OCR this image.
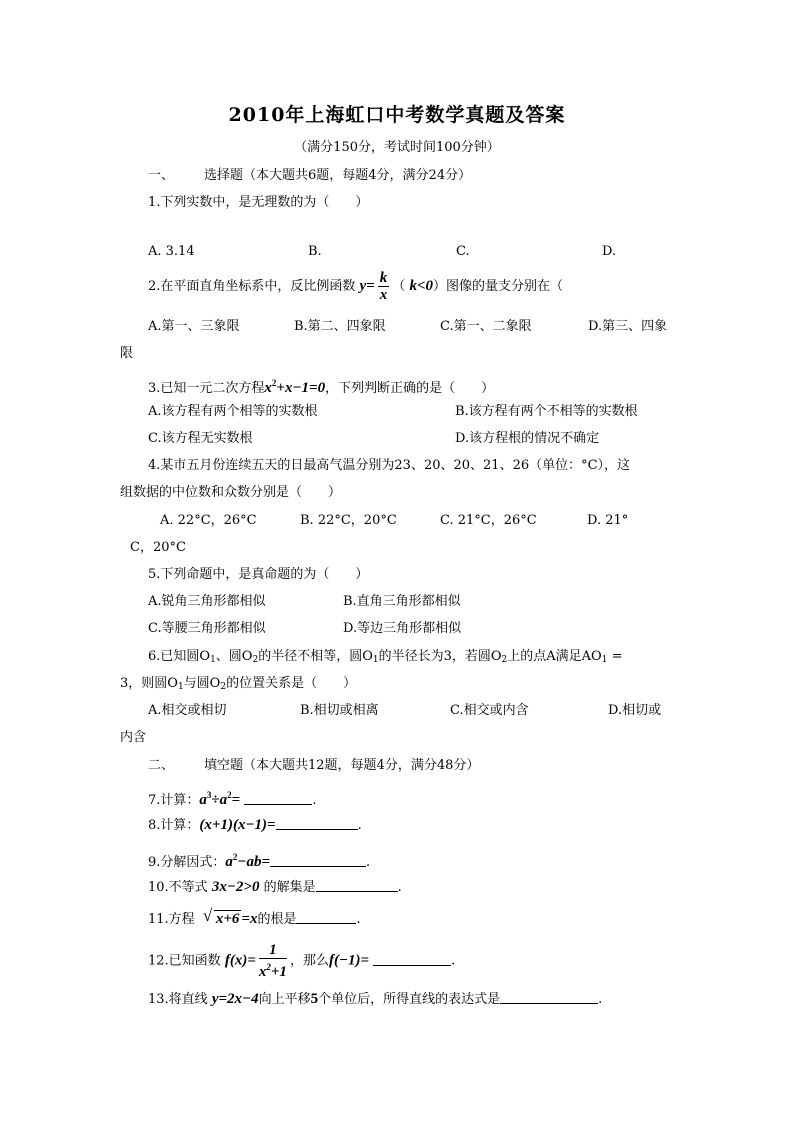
2010年上海虹口中考数学真题及答案
（满分150分，考试时间100分钟）
一、 选择题（本大题共6题，每题4分，满分24分）
1.下列实数中，是无理数的为（　　）
A. 3.14	B.	C.	D.
2.在平面直角坐标系中，反比例函数 $y= \frac{k}{x}$ （ k<0）图像的量支分别在（
A.第一、三象限	B.第二、四象限	C.第一、二象限	D.第三、四象
限
3.已知一元二次方程$x^2+x-1=0$，下列判断正确的是（　　）
A.该方程有两个相等的实数根	B.该方程有两个不相等的实数根
C.该方程无实数根	D.该方程根的情况不确定
4.某市五月份连续五天的日最高气温分别为23、20、20、21、26（单位：°C），这
组数据的中位数和众数分别是（　　）
A. 22°C，26°C	B. 22°C，20°C	C. 21°C，26°C	D. 21°
C，20°C
5.下列命题中，是真命题的为（　　）
A.锐角三角形都相似	B.直角三角形都相似
C.等腰三角形都相似	D.等边三角形都相似
6.已知圆$O_1$、圆$O_2$的半径不相等，圆$O_1$的半径长为3，若圆$O_2$上的点A满足$AO_1$ =
3，则圆$O_1$与圆$O_2$的位置关系是（　　）
A.相交或相切	B.相切或相离	C.相交或内含	D.相切或
内含
二、 填空题（本大题共12题，每题4分，满分48分）
7.计算：$a^3\div a^2=$	.
8.计算：(x+1)(x−1)=	.
9.分解因式：$a^2-ab=$	.
10.不等式 3x−2>0 的解集是	.
11.方程 √ x+6 =x的根是	.
12.已知函数 $f(x)= \frac{1}{x^2+1}$ ，那么f(−1)=	.
13.将直线 y=2x−4向上平移5个单位后，所得直线的表达式是	.
